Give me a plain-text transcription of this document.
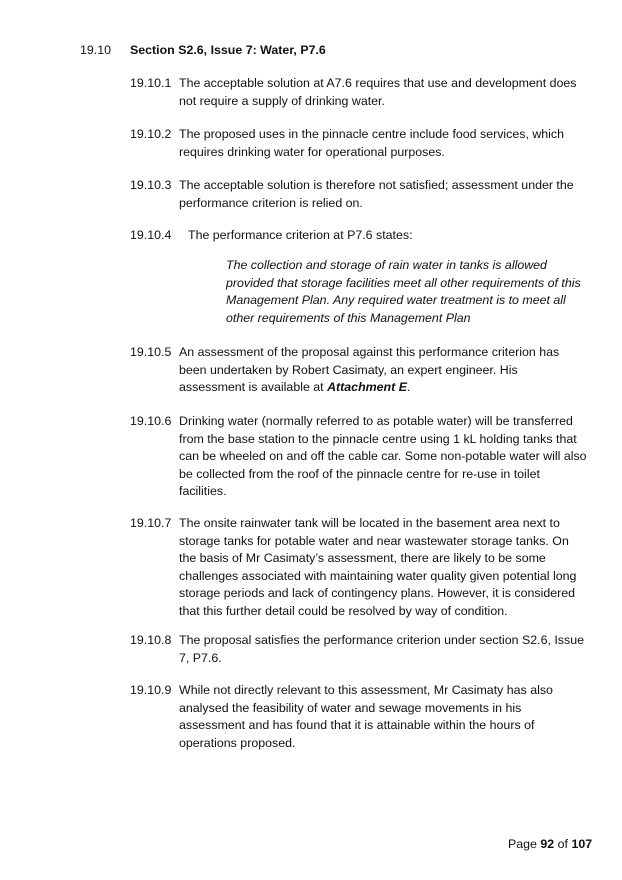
19.10 Section S2.6, Issue 7: Water, P7.6
19.10.1 The acceptable solution at A7.6 requires that use and development does not require a supply of drinking water.
19.10.2 The proposed uses in the pinnacle centre include food services, which requires drinking water for operational purposes.
19.10.3 The acceptable solution is therefore not satisfied; assessment under the performance criterion is relied on.
19.10.4 The performance criterion at P7.6 states:
The collection and storage of rain water in tanks is allowed provided that storage facilities meet all other requirements of this Management Plan. Any required water treatment is to meet all other requirements of this Management Plan
19.10.5 An assessment of the proposal against this performance criterion has been undertaken by Robert Casimaty, an expert engineer. His assessment is available at Attachment E.
19.10.6 Drinking water (normally referred to as potable water) will be transferred from the base station to the pinnacle centre using 1 kL holding tanks that can be wheeled on and off the cable car. Some non-potable water will also be collected from the roof of the pinnacle centre for re-use in toilet facilities.
19.10.7 The onsite rainwater tank will be located in the basement area next to storage tanks for potable water and near wastewater storage tanks. On the basis of Mr Casimaty’s assessment, there are likely to be some challenges associated with maintaining water quality given potential long storage periods and lack of contingency plans. However, it is considered that this further detail could be resolved by way of condition.
19.10.8 The proposal satisfies the performance criterion under section S2.6, Issue 7, P7.6.
19.10.9 While not directly relevant to this assessment, Mr Casimaty has also analysed the feasibility of water and sewage movements in his assessment and has found that it is attainable within the hours of operations proposed.
Page 92 of 107
